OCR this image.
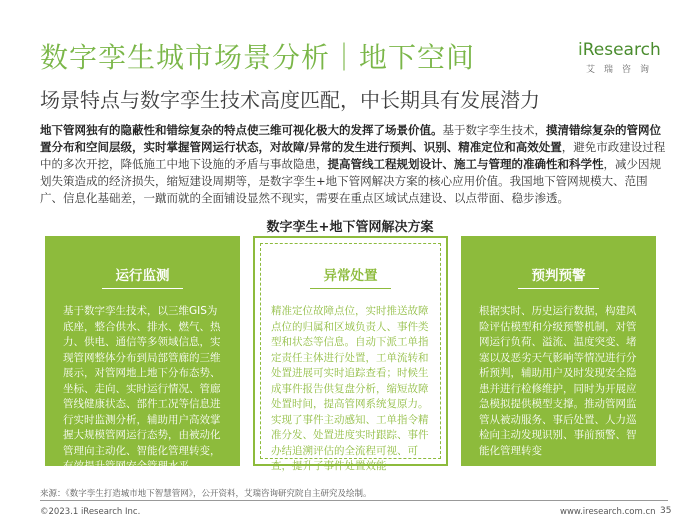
数字孪生城市场景分析｜地下空间	iResearch
艾瑞咨询
场景特点与数字孪生技术高度匹配，中长期具有发展潜力
地下管网独有的隐蔽性和错综复杂的特点使三维可视化极大的发挥了场景价值。基于数字孪生技术，摸清错综复杂的管网位置分布和空间层级，实时掌握管网运行状态，对故障/异常的发生进行预判、识别、精准定位和高效处置，避免市政建设过程中的多次开挖，降低施工中地下设施的矛盾与事故隐患，提高管线工程规划设计、施工与管理的准确性和科学性，减少因规划失策造成的经济损失，缩短建设周期等，是数字孪生+地下管网解决方案的核心应用价值。我国地下管网规模大、范围广、信息化基础差，一蹴而就的全面铺设显然不现实，需要在重点区域试点建设、以点带面、稳步渗透。
数字孪生+地下管网解决方案
运行监测
基于数字孪生技术，以三维GIS为底座，整合供水、排水、燃气、热力、供电、通信等多领域信息，实现管网整体分布到局部管廊的三维展示，对管网地上地下分布态势、坐标、走向、实时运行情况、管廊管线健康状态、部件工况等信息进行实时监测分析，辅助用户高效掌握大规模管网运行态势，由被动化管理向主动化、智能化管理转变，有效提升管网安全管理水平
异常处置
精准定位故障点位，实时推送故障点位的归属和区域负责人、事件类型和状态等信息。自动下派工单指定责任主体进行处置，工单流转和处置进展可实时追踪查看；时候生成事件报告供复盘分析，缩短故障处置时间，提高管网系统复原力。实现了事件主动感知、工单指令精准分发、处置进度实时跟踪、事件办结追溯评估的全流程可视、可查，提升了事件处置效能
预判预警
根据实时、历史运行数据，构建风险评估模型和分级预警机制，对管网运行负荷、溢流、温度突变、堵塞以及恶劣天气影响等情况进行分析预判，辅助用户及时发现安全隐患并进行检修维护，同时为开展应急模拟提供模型支撑。推动管网监管从被动服务、事后处置、人力巡检向主动发现识别、事前预警、智能化管理转变
来源：《数字孪生打造城市地下智慧管网》，公开资料，艾瑞咨询研究院自主研究及绘制。
©2023.1 iResearch Inc.	www.iresearch.com.cn 35
